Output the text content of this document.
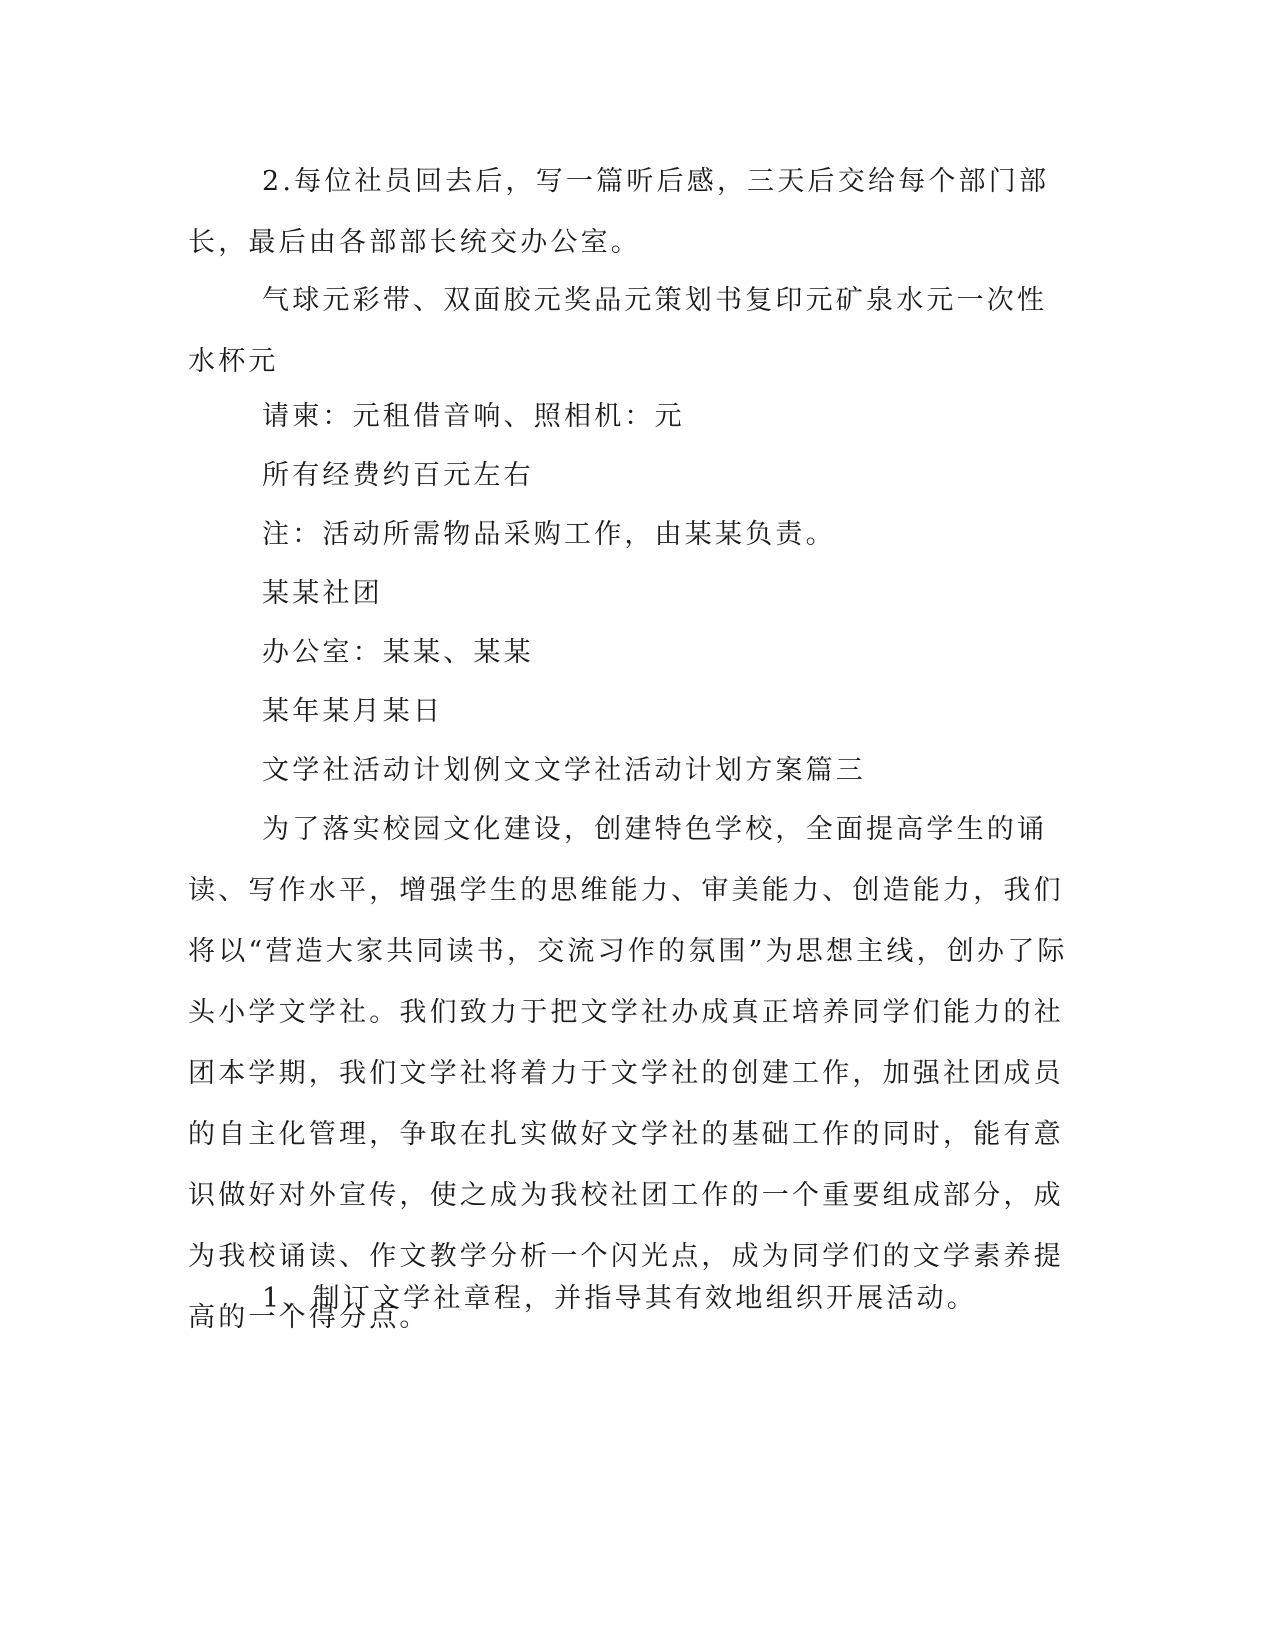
2.每位社员回去后，写一篇听后感，三天后交给每个部门部长，最后由各部部长统交办公室。

气球元彩带、双面胶元奖品元策划书复印元矿泉水元一次性水杯元

请柬：元租借音响、照相机：元

所有经费约百元左右

注：活动所需物品采购工作，由某某负责。

某某社团

办公室：某某、某某

某年某月某日

文学社活动计划例文文学社活动计划方案篇三

为了落实校园文化建设，创建特色学校，全面提高学生的诵读、写作水平，增强学生的思维能力、审美能力、创造能力，我们将以“营造大家共同读书，交流习作的氛围”为思想主线，创办了际头小学文学社。我们致力于把文学社办成真正培养同学们能力的社团本学期，我们文学社将着力于文学社的创建工作，加强社团成员的自主化管理，争取在扎实做好文学社的基础工作的同时，能有意识做好对外宣传，使之成为我校社团工作的一个重要组成部分，成为我校诵读、作文教学分析一个闪光点，成为同学们的文学素养提高的一个得分点。

1、制订文学社章程，并指导其有效地组织开展活动。
